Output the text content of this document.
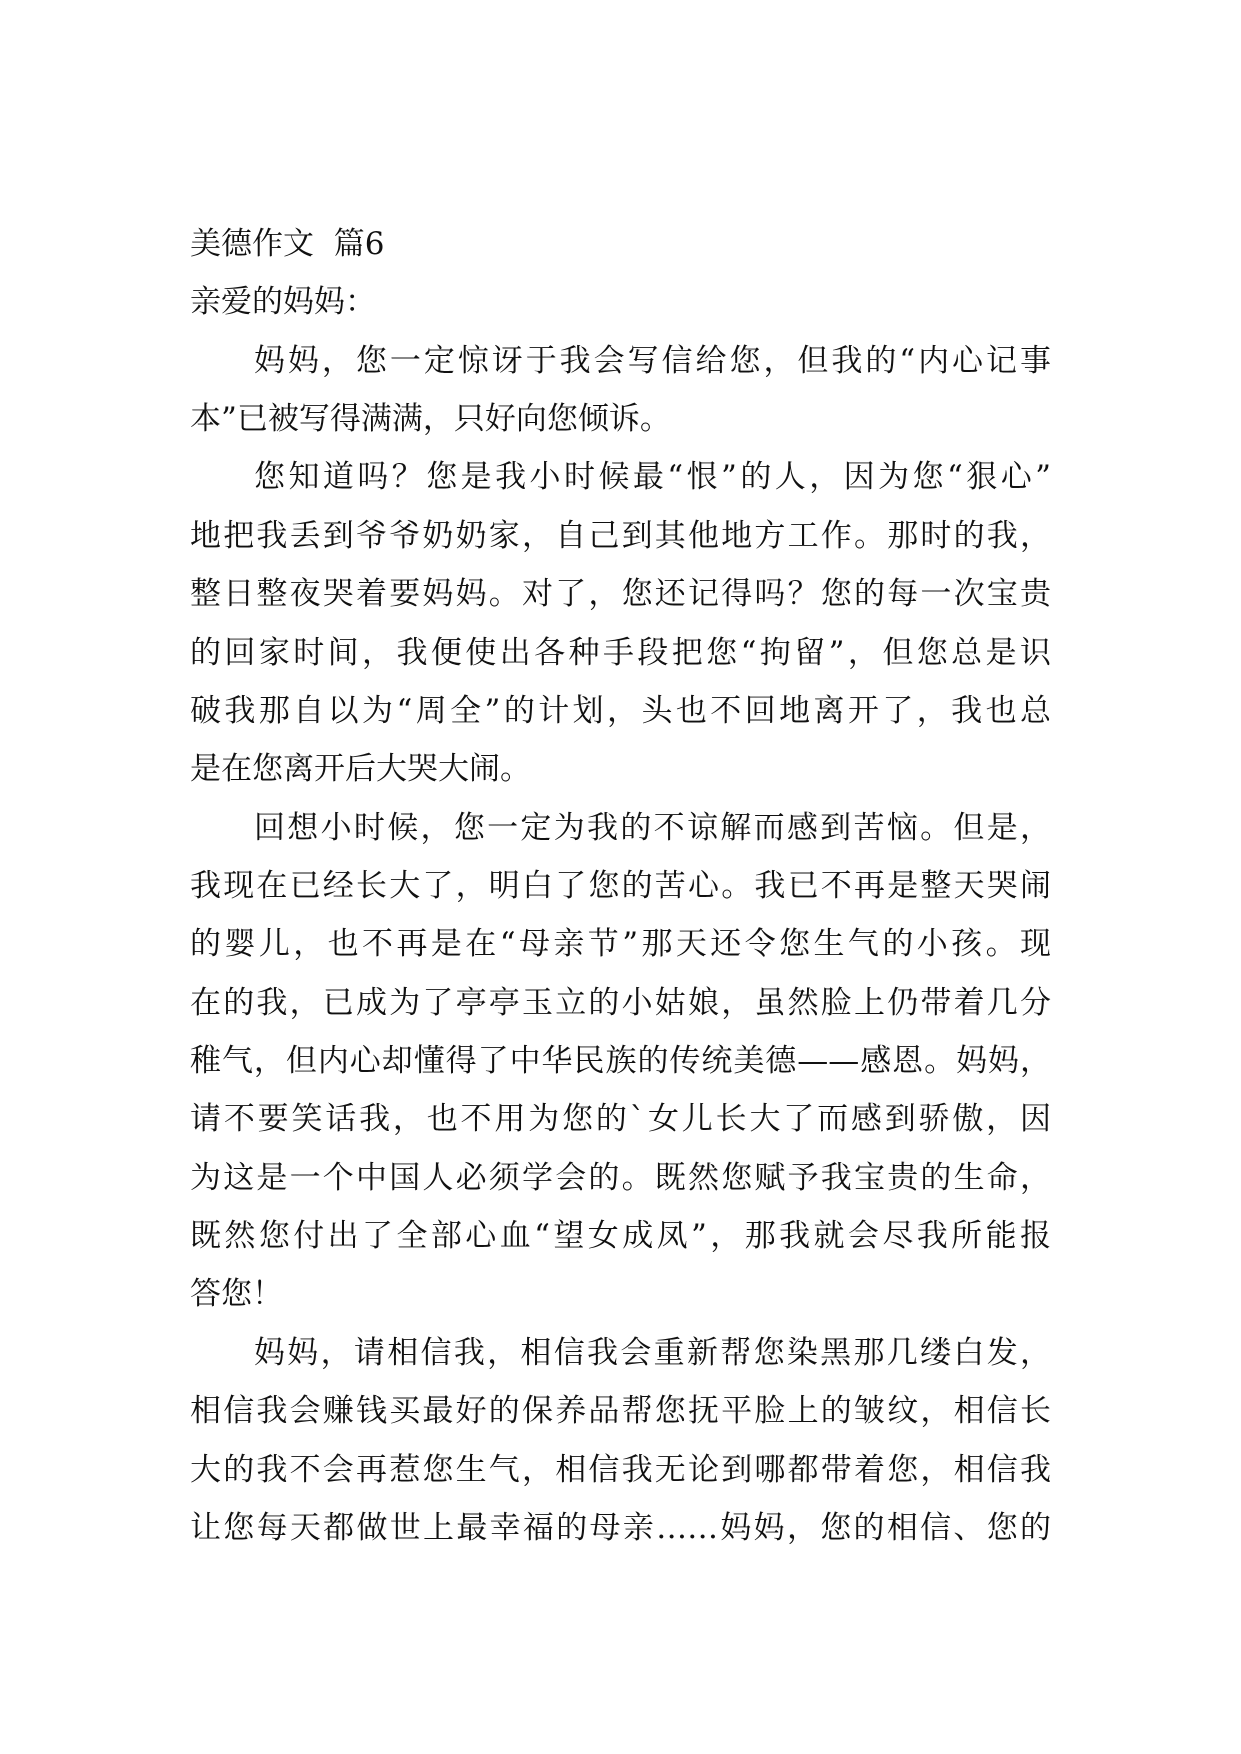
美德作文  篇6
亲爱的妈妈：
妈妈，您一定惊讶于我会写信给您，但我的“内心记事
本”已被写得满满，只好向您倾诉。
您知道吗？您是我小时候最“恨”的人，因为您“狠心”
地把我丢到爷爷奶奶家，自己到其他地方工作。那时的我，
整日整夜哭着要妈妈。对了，您还记得吗？您的每一次宝贵
的回家时间，我便使出各种手段把您“拘留”，但您总是识
破我那自以为“周全”的计划，头也不回地离开了，我也总
是在您离开后大哭大闹。
回想小时候，您一定为我的不谅解而感到苦恼。但是，
我现在已经长大了，明白了您的苦心。我已不再是整天哭闹
的婴儿，也不再是在“母亲节”那天还令您生气的小孩。现
在的我，已成为了亭亭玉立的小姑娘，虽然脸上仍带着几分
稚气，但内心却懂得了中华民族的传统美德——感恩。妈妈，
请不要笑话我，也不用为您的`女儿长大了而感到骄傲，因
为这是一个中国人必须学会的。既然您赋予我宝贵的生命，
既然您付出了全部心血“望女成凤”，那我就会尽我所能报
答您！
妈妈，请相信我，相信我会重新帮您染黑那几缕白发，
相信我会赚钱买最好的保养品帮您抚平脸上的皱纹，相信长
大的我不会再惹您生气，相信我无论到哪都带着您，相信我
让您每天都做世上最幸福的母亲……妈妈，您的相信、您的
